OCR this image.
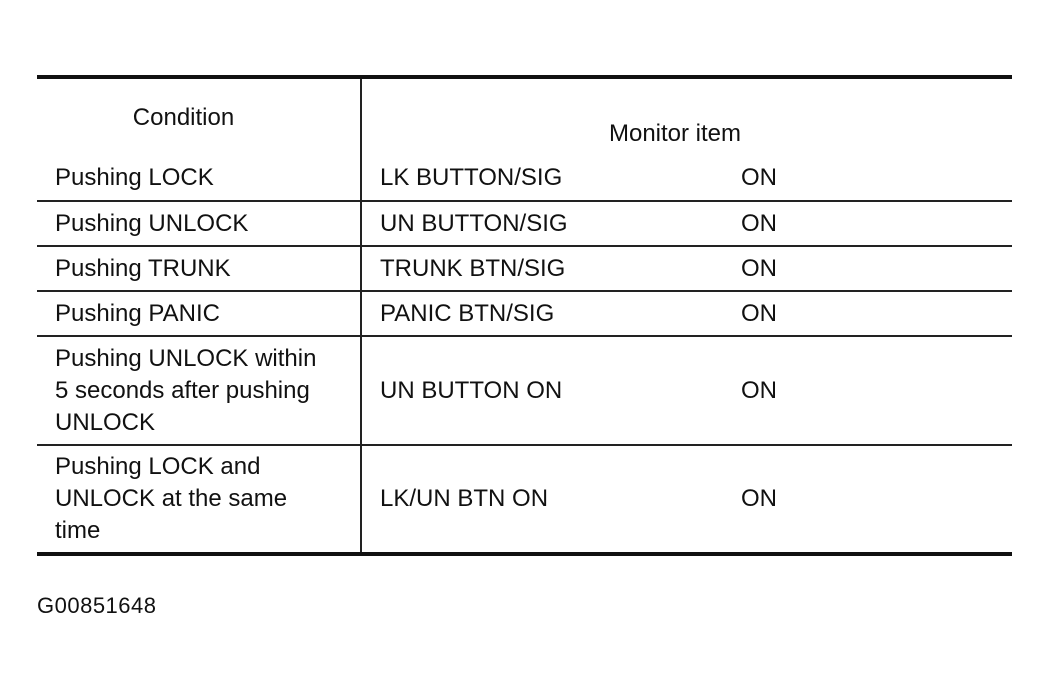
Condition	Monitor item	
Pushing LOCK	LK BUTTON/SIG	ON
Pushing UNLOCK	UN BUTTON/SIG	ON
Pushing TRUNK	TRUNK BTN/SIG	ON
Pushing PANIC	PANIC BTN/SIG	ON

Pushing UNLOCK within
5 seconds after pushing
UNLOCK	UN BUTTON ON	ON

Pushing LOCK and
UNLOCK at the same
time	LK/UN BTN ON	ON
G00851648
